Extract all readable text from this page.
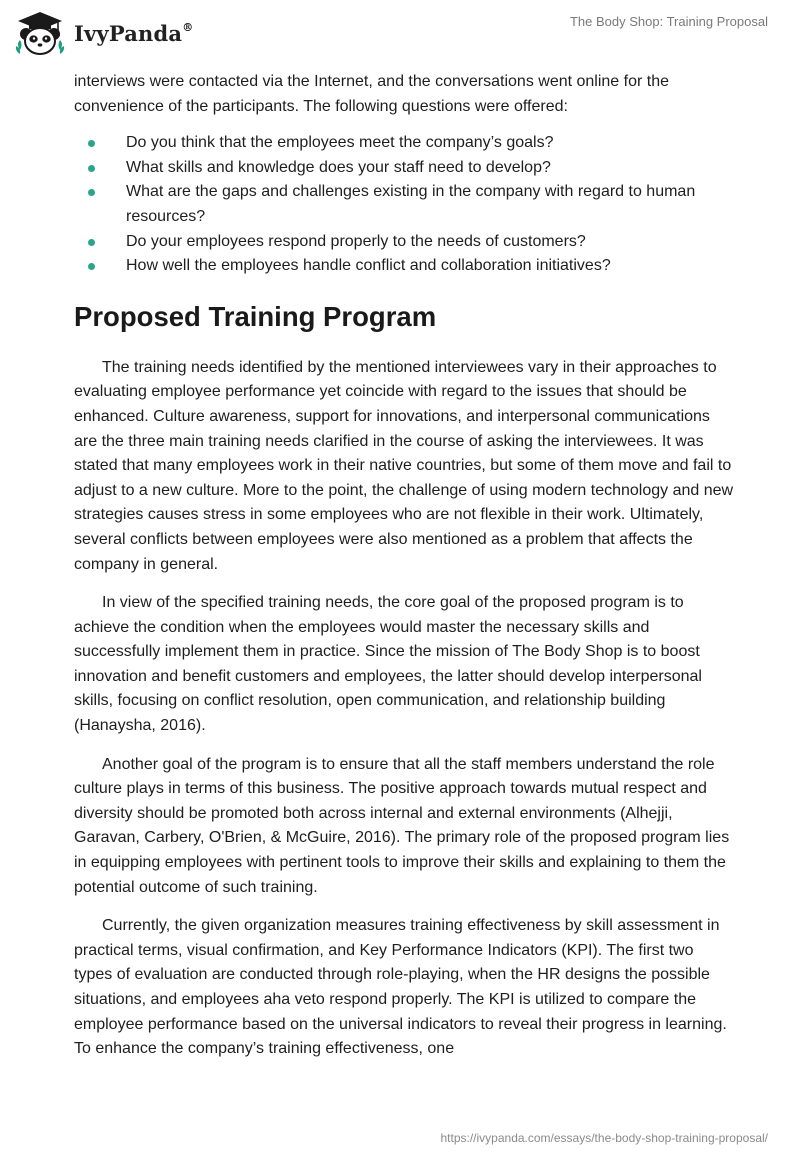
IvyPanda®	The Body Shop: Training Proposal

interviews were contacted via the Internet, and the conversations went online for the convenience of the participants. The following questions were offered:

Do you think that the employees meet the company’s goals?
What skills and knowledge does your staff need to develop?
What are the gaps and challenges existing in the company with regard to human resources?
Do your employees respond properly to the needs of customers?
How well the employees handle conflict and collaboration initiatives?
Proposed Training Program

The training needs identified by the mentioned interviewees vary in their approaches to evaluating employee performance yet coincide with regard to the issues that should be enhanced. Culture awareness, support for innovations, and interpersonal communications are the three main training needs clarified in the course of asking the interviewees. It was stated that many employees work in their native countries, but some of them move and fail to adjust to a new culture. More to the point, the challenge of using modern technology and new strategies causes stress in some employees who are not flexible in their work. Ultimately, several conflicts between employees were also mentioned as a problem that affects the company in general.

In view of the specified training needs, the core goal of the proposed program is to achieve the condition when the employees would master the necessary skills and successfully implement them in practice. Since the mission of The Body Shop is to boost innovation and benefit customers and employees, the latter should develop interpersonal skills, focusing on conflict resolution, open communication, and relationship building (Hanaysha, 2016).

Another goal of the program is to ensure that all the staff members understand the role culture plays in terms of this business. The positive approach towards mutual respect and diversity should be promoted both across internal and external environments (Alhejji, Garavan, Carbery, O'Brien, & McGuire, 2016). The primary role of the proposed program lies in equipping employees with pertinent tools to improve their skills and explaining to them the potential outcome of such training.

Currently, the given organization measures training effectiveness by skill assessment in practical terms, visual confirmation, and Key Performance Indicators (KPI). The first two types of evaluation are conducted through role-playing, when the HR designs the possible situations, and employees aha veto respond properly. The KPI is utilized to compare the employee performance based on the universal indicators to reveal their progress in learning. To enhance the company’s training effectiveness, one

https://ivypanda.com/essays/the-body-shop-training-proposal/
